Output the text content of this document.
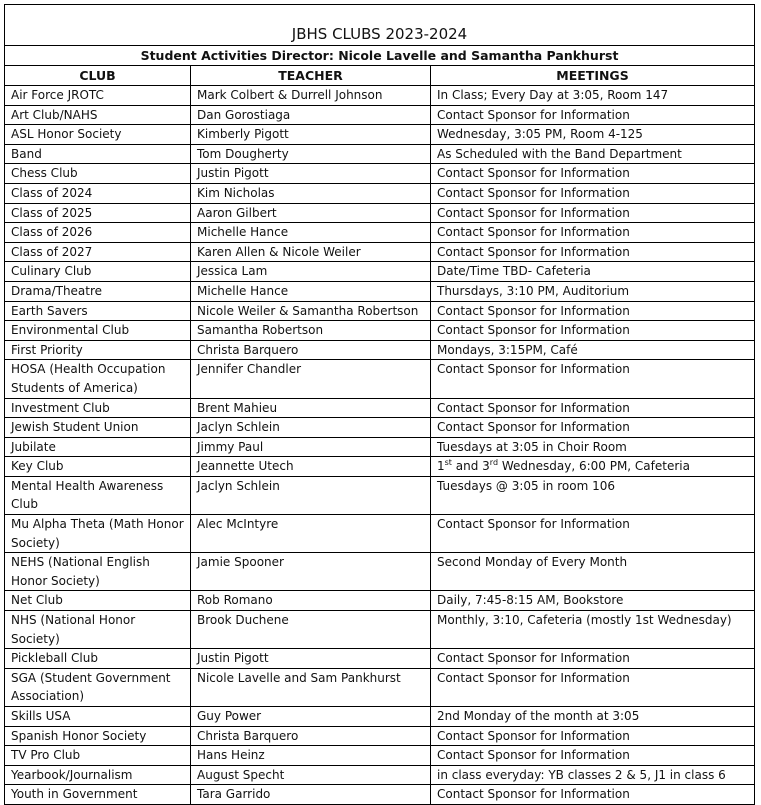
JBHS CLUBS 2023-2024		
Student Activities Director: Nicole Lavelle and Samantha Pankhurst		
CLUB	TEACHER	MEETINGS
Air Force JROTC	Mark Colbert & Durrell Johnson	In Class; Every Day at 3:05, Room 147
Art Club/NAHS	Dan Gorostiaga	Contact Sponsor for Information
ASL Honor Society	Kimberly Pigott	Wednesday, 3:05 PM, Room 4-125
Band	Tom Dougherty	As Scheduled with the Band Department
Chess Club	Justin Pigott	Contact Sponsor for Information
Class of 2024	Kim Nicholas	Contact Sponsor for Information
Class of 2025	Aaron Gilbert	Contact Sponsor for Information
Class of 2026	Michelle Hance	Contact Sponsor for Information
Class of 2027	Karen Allen & Nicole Weiler	Contact Sponsor for Information
Culinary Club	Jessica Lam	Date/Time TBD- Cafeteria
Drama/Theatre	Michelle Hance	Thursdays, 3:10 PM, Auditorium
Earth Savers	Nicole Weiler & Samantha Robertson	Contact Sponsor for Information
Environmental Club	Samantha Robertson	Contact Sponsor for Information
First Priority	Christa Barquero	Mondays, 3:15PM, Café
HOSA (Health Occupation Students of America)	Jennifer Chandler	Contact Sponsor for Information
Investment Club	Brent Mahieu	Contact Sponsor for Information
Jewish Student Union	Jaclyn Schlein	Contact Sponsor for Information
Jubilate	Jimmy Paul	Tuesdays at 3:05 in Choir Room
Key Club	Jeannette Utech	1st and 3rd Wednesday, 6:00 PM, Cafeteria
Mental Health Awareness Club	Jaclyn Schlein	Tuesdays @ 3:05 in room 106
Mu Alpha Theta (Math Honor Society)	Alec McIntyre	Contact Sponsor for Information
NEHS (National English Honor Society)	Jamie Spooner	Second Monday of Every Month
Net Club	Rob Romano	Daily, 7:45-8:15 AM, Bookstore
NHS (National Honor Society)	Brook Duchene	Monthly, 3:10, Cafeteria (mostly 1st Wednesday)
Pickleball Club	Justin Pigott	Contact Sponsor for Information
SGA (Student Government Association)	Nicole Lavelle and Sam Pankhurst	Contact Sponsor for Information
Skills USA	Guy Power	2nd Monday of the month at 3:05
Spanish Honor Society	Christa Barquero	Contact Sponsor for Information
TV Pro Club	Hans Heinz	Contact Sponsor for Information
Yearbook/Journalism	August Specht	in class everyday: YB classes 2 & 5, J1 in class 6
Youth in Government	Tara Garrido	Contact Sponsor for Information
